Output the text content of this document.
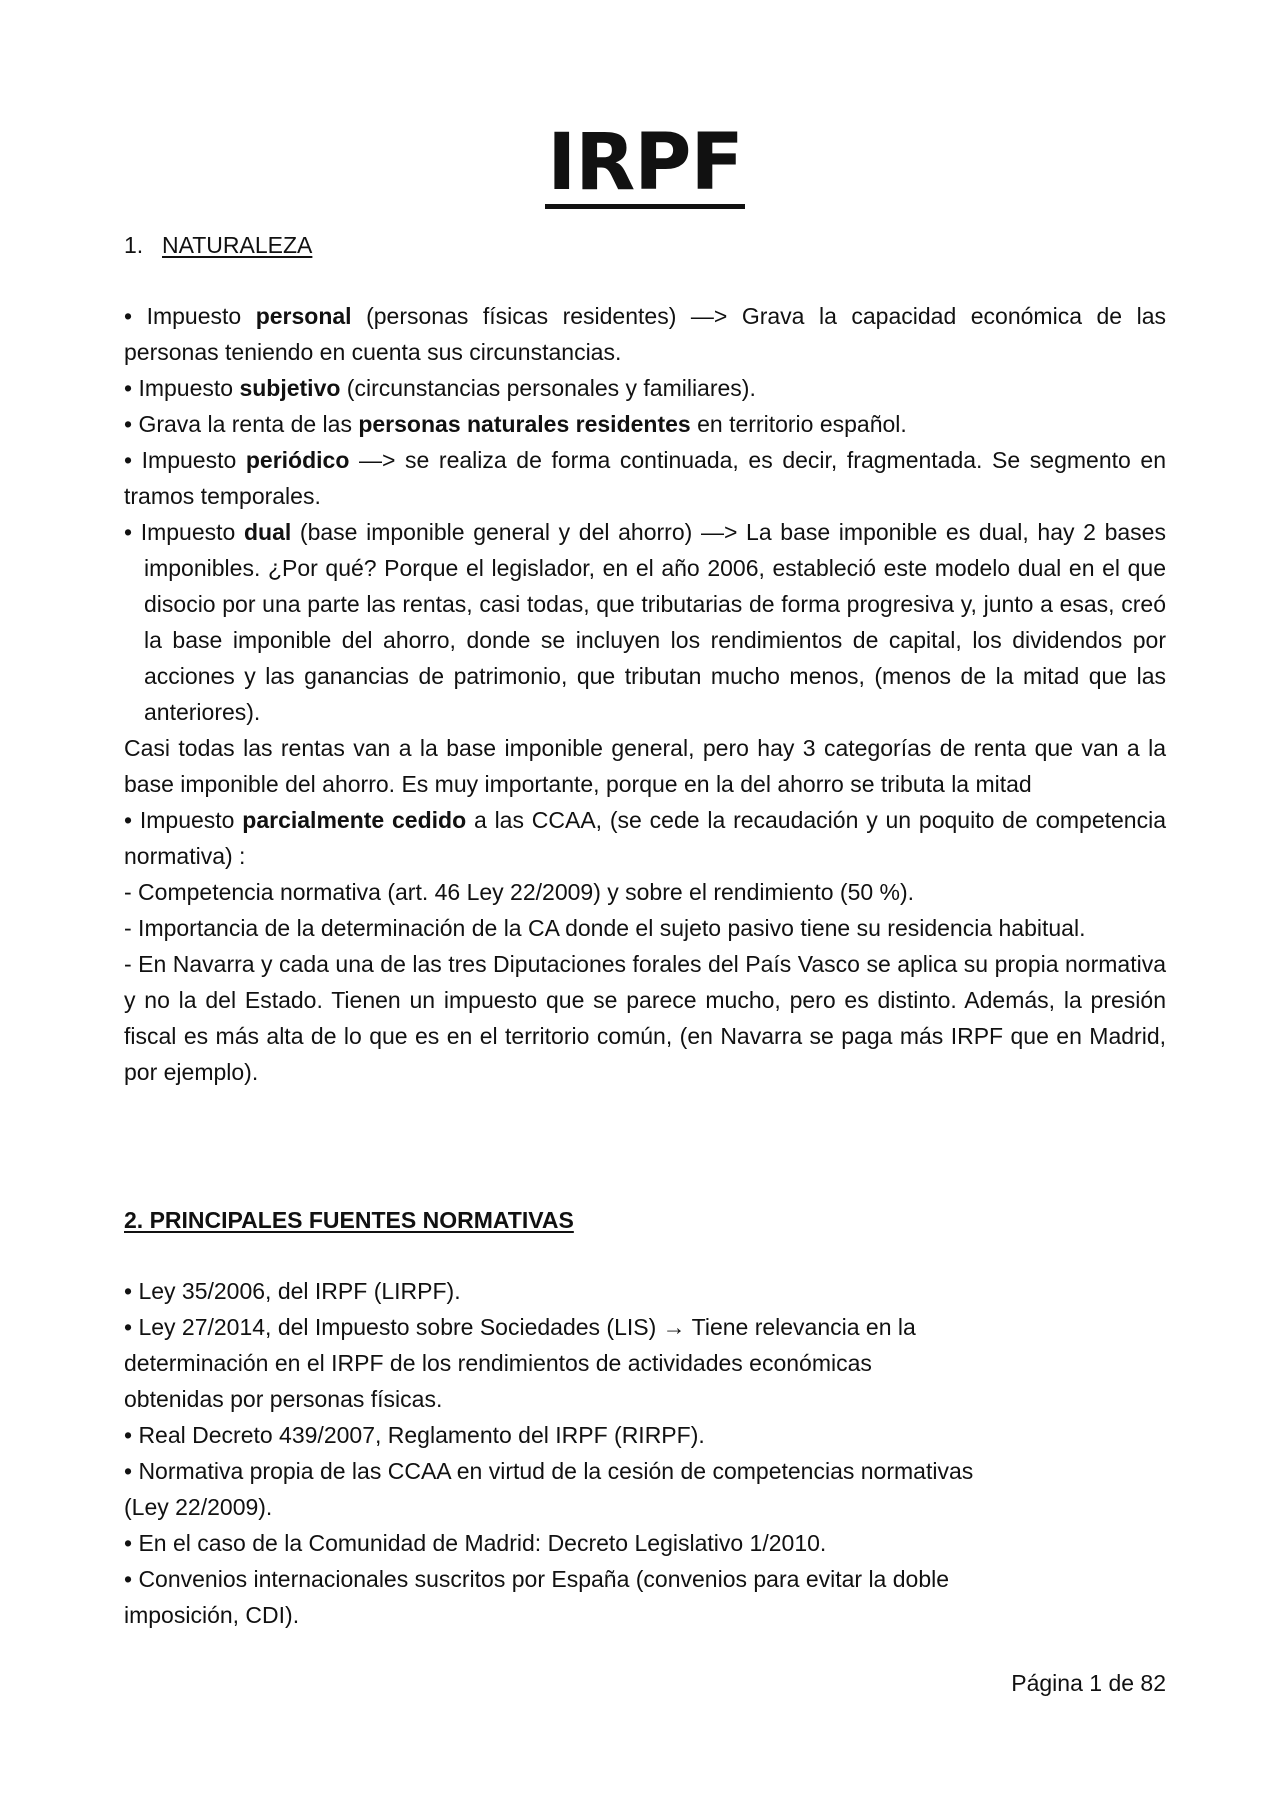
IRPF
1. NATURALEZA

• Impuesto personal (personas físicas residentes) —> Grava la capacidad económica de las personas teniendo en cuenta sus circunstancias.

• Impuesto subjetivo (circunstancias personales y familiares).

• Grava la renta de las personas naturales residentes en territorio español.

• Impuesto periódico —> se realiza de forma continuada, es decir, fragmentada. Se segmento en tramos temporales.

• Impuesto dual (base imponible general y del ahorro) —> La base imponible es dual, hay 2 bases imponibles. ¿Por qué? Porque el legislador, en el año 2006, estableció este modelo dual en el que disocio por una parte las rentas, casi todas, que tributarias de forma progresiva y, junto a esas, creó la base imponible del ahorro, donde se incluyen los rendimientos de capital, los dividendos por acciones y las ganancias de patrimonio, que tributan mucho menos, (menos de la mitad que las anteriores).

Casi todas las rentas van a la base imponible general, pero hay 3 categorías de renta que van a la base imponible del ahorro. Es muy importante, porque en la del ahorro se tributa la mitad

• Impuesto parcialmente cedido a las CCAA, (se cede la recaudación y un poquito de competencia normativa) :

- Competencia normativa (art. 46 Ley 22/2009) y sobre el rendimiento (50 %).

- Importancia de la determinación de la CA donde el sujeto pasivo tiene su residencia habitual.

- En Navarra y cada una de las tres Diputaciones forales del País Vasco se aplica su propia normativa y no la del Estado. Tienen un impuesto que se parece mucho, pero es distinto. Además, la presión fiscal es más alta de lo que es en el territorio común, (en Navarra se paga más IRPF que en Madrid, por ejemplo).

2. PRINCIPALES FUENTES NORMATIVAS

• Ley 35/2006, del IRPF (LIRPF).

• Ley 27/2014, del Impuesto sobre Sociedades (LIS) → Tiene relevancia en la

determinación en el IRPF de los rendimientos de actividades económicas

obtenidas por personas físicas.

• Real Decreto 439/2007, Reglamento del IRPF (RIRPF).

• Normativa propia de las CCAA en virtud de la cesión de competencias normativas

(Ley 22/2009).

• En el caso de la Comunidad de Madrid: Decreto Legislativo 1/2010.

• Convenios internacionales suscritos por España (convenios para evitar la doble

imposición, CDI).

Página 1 de 82
